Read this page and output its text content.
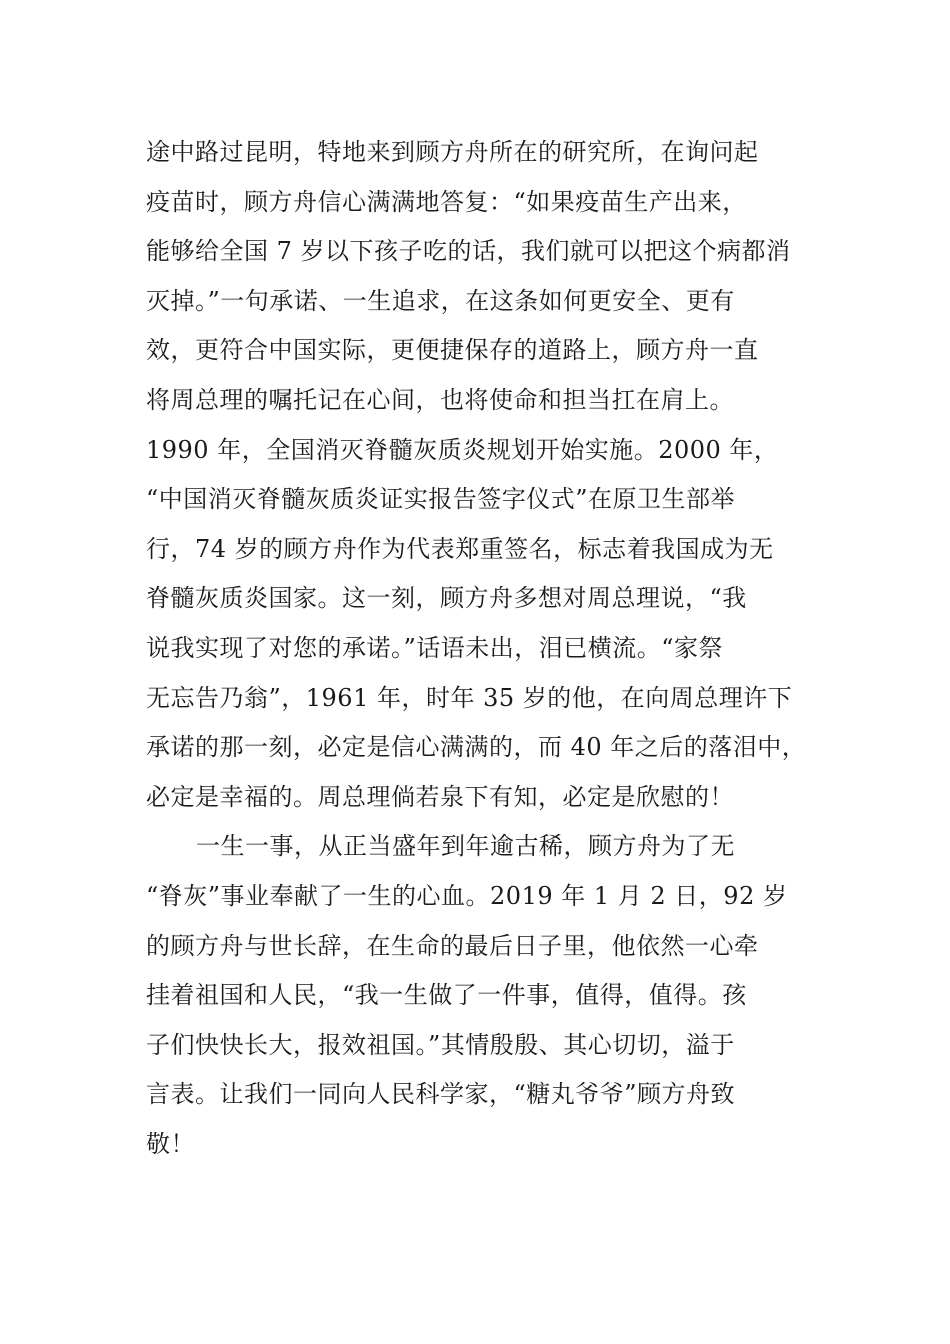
途中路过昆明，特地来到顾方舟所在的研究所，在询问起
疫苗时，顾方舟信心满满地答复：“如果疫苗生产出来，
能够给全国 7 岁以下孩子吃的话，我们就可以把这个病都消
灭掉。”一句承诺、一生追求，在这条如何更安全、更有
效，更符合中国实际，更便捷保存的道路上，顾方舟一直
将周总理的嘱托记在心间，也将使命和担当扛在肩上。
1990 年，全国消灭脊髓灰质炎规划开始实施。2000 年，
“中国消灭脊髓灰质炎证实报告签字仪式”在原卫生部举
行，74 岁的顾方舟作为代表郑重签名，标志着我国成为无
脊髓灰质炎国家。这一刻，顾方舟多想对周总理说，“我
说我实现了对您的承诺。”话语未出，泪已横流。“家祭
无忘告乃翁”，1961 年，时年 35 岁的他，在向周总理许下
承诺的那一刻，必定是信心满满的，而 40 年之后的落泪中，
必定是幸福的。周总理倘若泉下有知，必定是欣慰的！
一生一事，从正当盛年到年逾古稀，顾方舟为了无
“脊灰”事业奉献了一生的心血。2019 年 1 月 2 日，92 岁
的顾方舟与世长辞，在生命的最后日子里，他依然一心牵
挂着祖国和人民，“我一生做了一件事，值得，值得。孩
子们快快长大，报效祖国。”其情殷殷、其心切切，溢于
言表。让我们一同向人民科学家，“糖丸爷爷”顾方舟致
敬！
